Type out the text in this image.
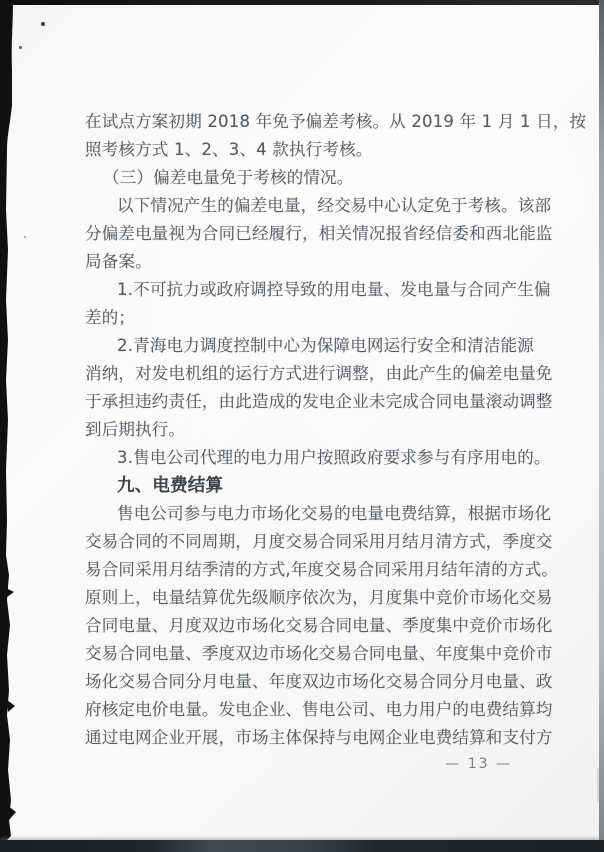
在试点方案初期 2018 年免予偏差考核。从 2019 年 1 月 1 日，按
照考核方式 1、2、3、4 款执行考核。
（三）偏差电量免于考核的情况。
以下情况产生的偏差电量，经交易中心认定免于考核。该部
分偏差电量视为合同已经履行，相关情况报省经信委和西北能监
局备案。
1.不可抗力或政府调控导致的用电量、发电量与合同产生偏
差的；
2.青海电力调度控制中心为保障电网运行安全和清洁能源
消纳，对发电机组的运行方式进行调整，由此产生的偏差电量免
于承担违约责任，由此造成的发电企业未完成合同电量滚动调整
到后期执行。
3.售电公司代理的电力用户按照政府要求参与有序用电的。
九、电费结算
售电公司参与电力市场化交易的电量电费结算，根据市场化
交易合同的不同周期，月度交易合同采用月结月清方式，季度交
易合同采用月结季清的方式,年度交易合同采用月结年清的方式。
原则上，电量结算优先级顺序依次为，月度集中竞价市场化交易
合同电量、月度双边市场化交易合同电量、季度集中竞价市场化
交易合同电量、季度双边市场化交易合同电量、年度集中竞价市
场化交易合同分月电量、年度双边市场化交易合同分月电量、政
府核定电价电量。发电企业、售电公司、电力用户的电费结算均
通过电网企业开展，市场主体保持与电网企业电费结算和支付方
— 13 —
